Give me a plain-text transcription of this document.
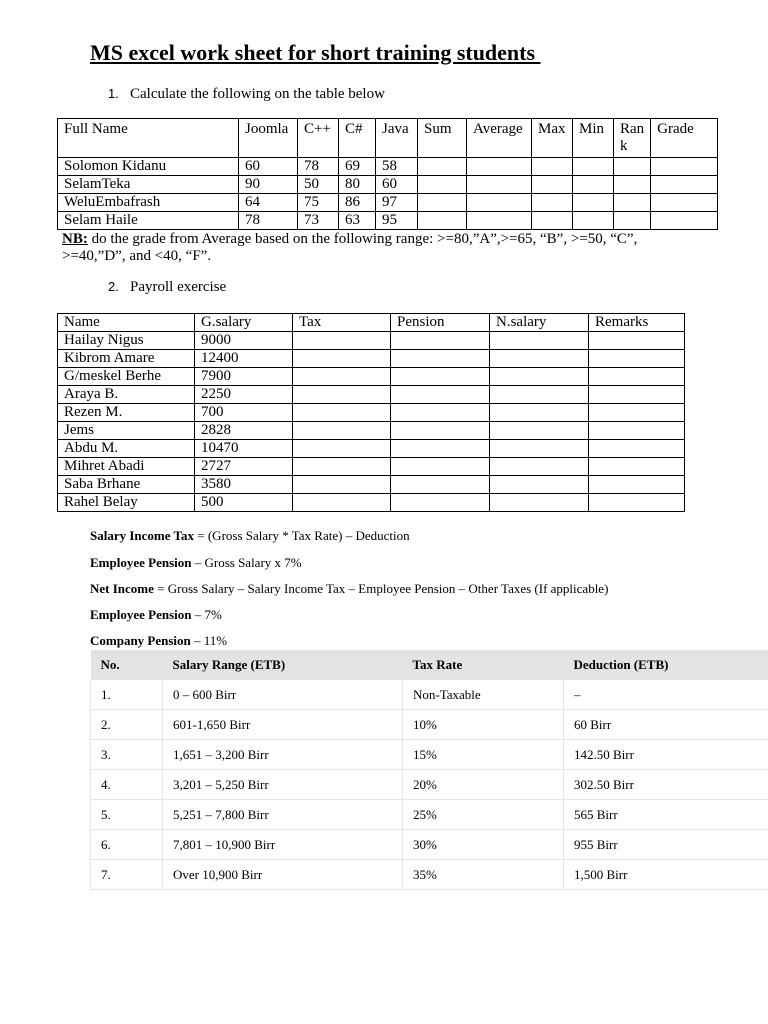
MS excel work sheet for short training students
1. Calculate the following on the table below
Full Name	Joomla	C++	C#	Java	Sum	Average	Max	Min	Ran k	Grade
Solomon Kidanu	60	78	69	58						
SelamTeka	90	50	80	60						
WeluEmbafrash	64	75	86	97						
Selam Haile	78	73	63	95						
NB: do the grade from Average based on the following range: >=80,”A”,>=65, “B”, >=50, “C”, >=40,”D”, and <40, “F”.
2. Payroll exercise
Name	G.salary	Tax	Pension	N.salary	Remarks
Hailay Nigus	9000				
Kibrom Amare	12400				
G/meskel Berhe	7900				
Araya B.	2250				
Rezen M.	700				
Jems	2828				
Abdu M.	10470				
Mihret Abadi	2727				
Saba Brhane	3580				
Rahel Belay	500				
Salary Income Tax = (Gross Salary * Tax Rate) – Deduction
Employee Pension – Gross Salary x 7%
Net Income = Gross Salary – Salary Income Tax – Employee Pension – Other Taxes (If applicable)
Employee Pension – 7%
Company Pension – 11%
No.	Salary Range (ETB)	Tax Rate	Deduction (ETB)
1.	0 – 600 Birr	Non-Taxable	–
2.	601-1,650 Birr	10%	60 Birr
3.	1,651 – 3,200 Birr	15%	142.50 Birr
4.	3,201 – 5,250 Birr	20%	302.50 Birr
5.	5,251 – 7,800 Birr	25%	565 Birr
6.	7,801 – 10,900 Birr	30%	955 Birr
7.	Over 10,900 Birr	35%	1,500 Birr
